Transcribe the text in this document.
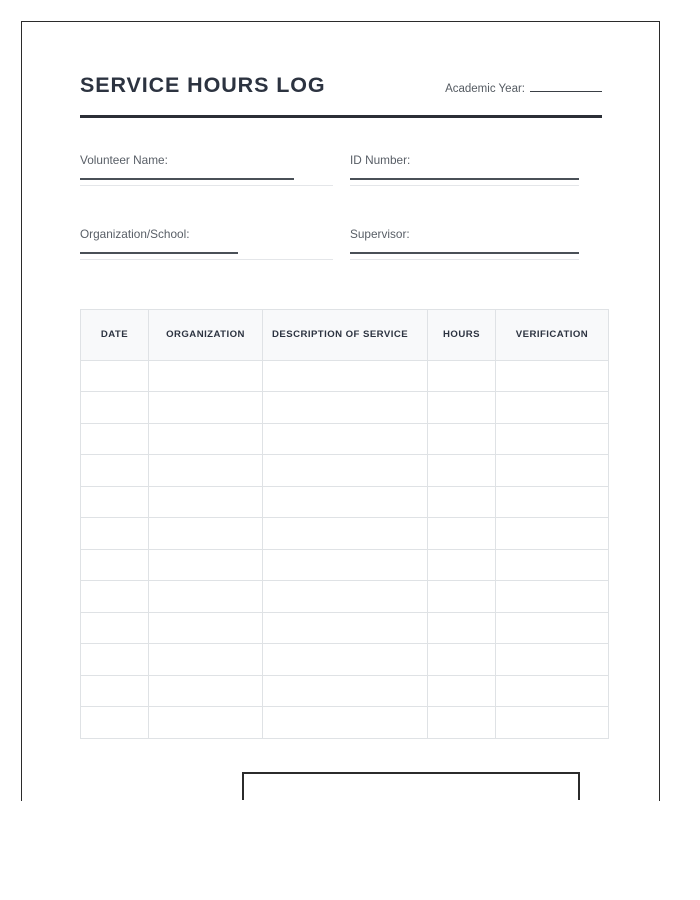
SERVICE HOURS LOG	Academic Year:
Volunteer Name:	ID Number:
Organization/School:	Supervisor:
DATE	ORGANIZATION	DESCRIPTION OF SERVICE	HOURS	VERIFICATION
